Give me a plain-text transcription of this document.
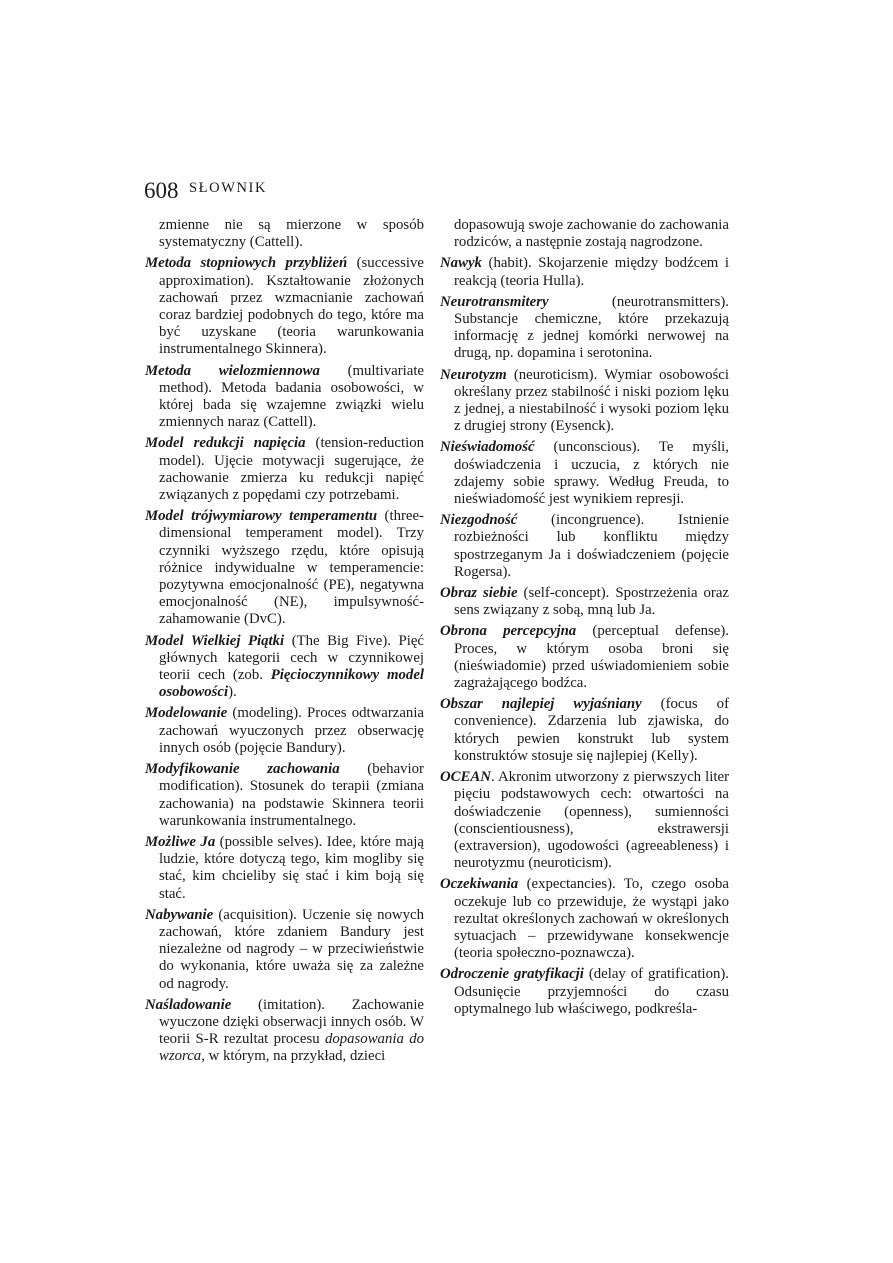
608 SŁOWNIK

zmienne nie są mierzone w sposób systematyczny (Cattell).

Metoda stopniowych przybliżeń (successive approximation). Kształtowanie złożonych zachowań przez wzmacnianie zachowań coraz bardziej podobnych do tego, które ma być uzyskane (teoria warunkowania instrumentalnego Skinnera).

Metoda wielozmiennowa (multivariate method). Metoda badania osobowości, w której bada się wzajemne związki wielu zmiennych naraz (Cattell).

Model redukcji napięcia (tension-reduction model). Ujęcie motywacji sugerujące, że zachowanie zmierza ku redukcji napięć związanych z popędami czy potrzebami.

Model trójwymiarowy temperamentu (three-dimensional temperament model). Trzy czynniki wyższego rzędu, które opisują różnice indywidualne w temperamencie: pozytywna emocjonalność (PE), negatywna emocjonalność (NE), impulsywność-zahamowanie (DvC).

Model Wielkiej Piątki (The Big Five). Pięć głównych kategorii cech w czynnikowej teorii cech (zob. Pięcioczynnikowy model osobowości).

Modelowanie (modeling). Proces odtwarzania zachowań wyuczonych przez obserwację innych osób (pojęcie Bandury).

Modyfikowanie zachowania (behavior modification). Stosunek do terapii (zmiana zachowania) na podstawie Skinnera teorii warunkowania instrumentalnego.

Możliwe Ja (possible selves). Idee, które mają ludzie, które dotyczą tego, kim mogliby się stać, kim chcieliby się stać i kim boją się stać.

Nabywanie (acquisition). Uczenie się nowych zachowań, które zdaniem Bandury jest niezależne od nagrody – w przeciwieństwie do wykonania, które uważa się za zależne od nagrody.

Naśladowanie (imitation). Zachowanie wyuczone dzięki obserwacji innych osób. W teorii S-R rezultat procesu dopasowania do wzorca, w którym, na przykład, dzieci

dopasowują swoje zachowanie do zachowania rodziców, a następnie zostają nagrodzone.

Nawyk (habit). Skojarzenie między bodźcem i reakcją (teoria Hulla).

Neurotransmitery (neurotransmitters). Substancje chemiczne, które przekazują informację z jednej komórki nerwowej na drugą, np. dopamina i serotonina.

Neurotyzm (neuroticism). Wymiar osobowości określany przez stabilność i niski poziom lęku z jednej, a niestabilność i wysoki poziom lęku z drugiej strony (Eysenck).

Nieświadomość (unconscious). Te myśli, doświadczenia i uczucia, z których nie zdajemy sobie sprawy. Według Freuda, to nieświadomość jest wynikiem represji.

Niezgodność (incongruence). Istnienie rozbieżności lub konfliktu między spostrzeganym Ja i doświadczeniem (pojęcie Rogersa).

Obraz siebie (self-concept). Spostrzeżenia oraz sens związany z sobą, mną lub Ja.

Obrona percepcyjna (perceptual defense). Proces, w którym osoba broni się (nieświadomie) przed uświadomieniem sobie zagrażającego bodźca.

Obszar najlepiej wyjaśniany (focus of convenience). Zdarzenia lub zjawiska, do których pewien konstrukt lub system konstruktów stosuje się najlepiej (Kelly).

OCEAN. Akronim utworzony z pierwszych liter pięciu podstawowych cech: otwartości na doświadczenie (openness), sumienności (conscientiousness), ekstrawersji (extraversion), ugodowości (agreeableness) i neurotyzmu (neuroticism).

Oczekiwania (expectancies). To, czego osoba oczekuje lub co przewiduje, że wystąpi jako rezultat określonych zachowań w określonych sytuacjach – przewidywane konsekwencje (teoria społeczno-poznawcza).

Odroczenie gratyfikacji (delay of gratification). Odsunięcie przyjemności do czasu optymalnego lub właściwego, podkreśla-
